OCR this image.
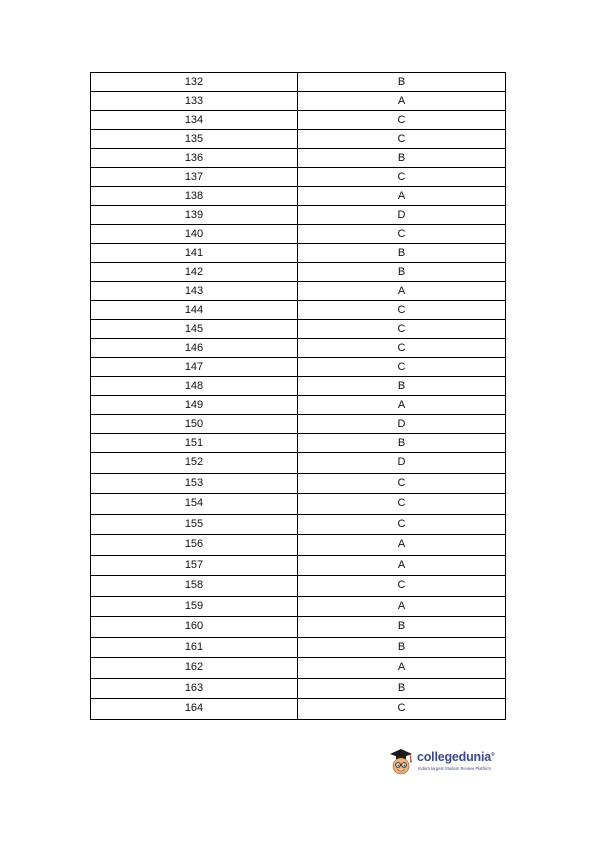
132	B
133	A
134	C
135	C
136	B
137	C
138	A
139	D
140	C
141	B
142	B
143	A
144	C
145	C
146	C
147	C
148	B
149	A
150	D
151	B
152	D
153	C
154	C
155	C
156	A
157	A
158	C
159	A
160	B
161	B
162	A
163	B
164	C
collegedunia®
India's largest Student Review Platform
